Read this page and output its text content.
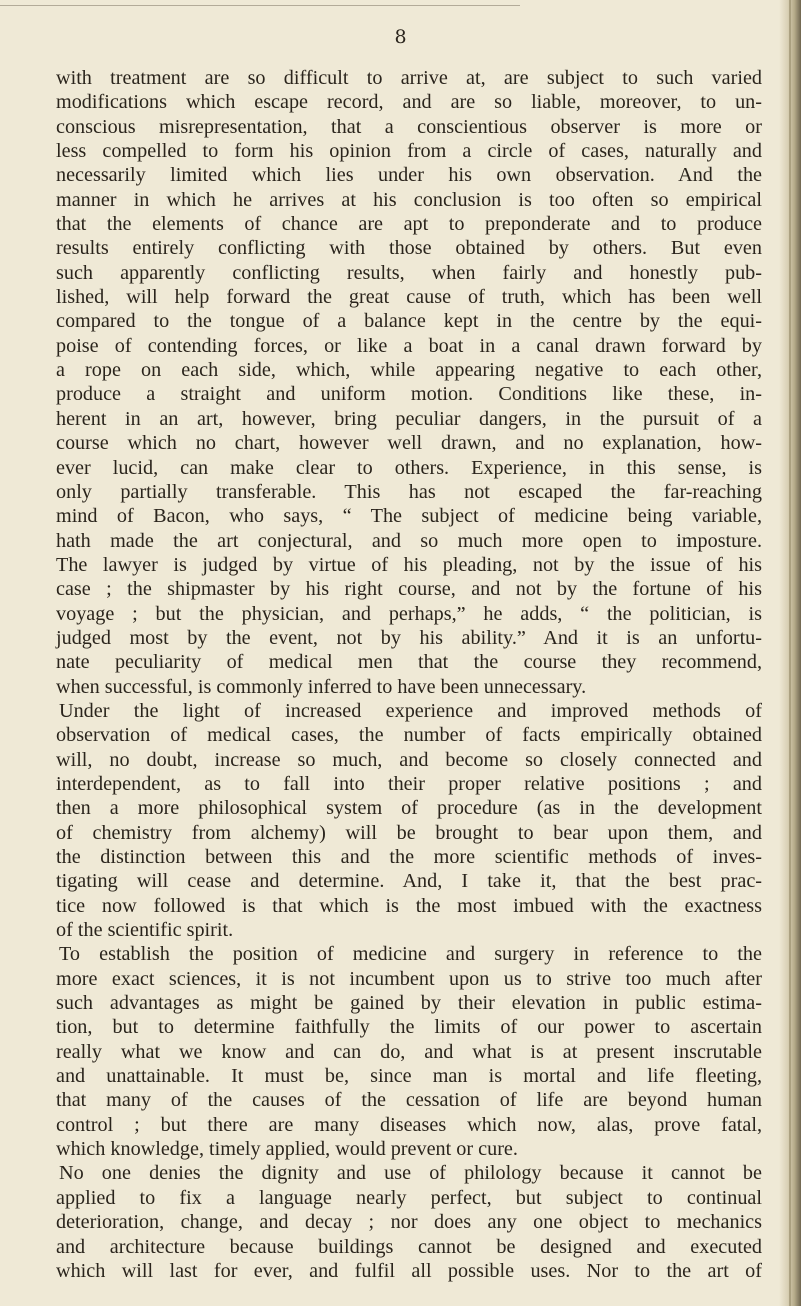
8
with treatment are so difficult to arrive at, are subject to such varied
modifications which escape record, and are so liable, moreover, to un-
conscious misrepresentation, that a conscientious observer is more or
less compelled to form his opinion from a circle of cases, naturally and
necessarily limited which lies under his own observation. And the
manner in which he arrives at his conclusion is too often so empirical
that the elements of chance are apt to preponderate and to produce
results entirely conflicting with those obtained by others. But even
such apparently conflicting results, when fairly and honestly pub-
lished, will help forward the great cause of truth, which has been well
compared to the tongue of a balance kept in the centre by the equi-
poise of contending forces, or like a boat in a canal drawn forward by
a rope on each side, which, while appearing negative to each other,
produce a straight and uniform motion. Conditions like these, in-
herent in an art, however, bring peculiar dangers, in the pursuit of a
course which no chart, however well drawn, and no explanation, how-
ever lucid, can make clear to others. Experience, in this sense, is
only partially transferable. This has not escaped the far-reaching
mind of Bacon, who says, “ The subject of medicine being variable,
hath made the art conjectural, and so much more open to imposture.
The lawyer is judged by virtue of his pleading, not by the issue of his
case ; the shipmaster by his right course, and not by the fortune of his
voyage ; but the physician, and perhaps,” he adds, “ the politician, is
judged most by the event, not by his ability.” And it is an unfortu-
nate peculiarity of medical men that the course they recommend,
when successful, is commonly inferred to have been unnecessary.
Under the light of increased experience and improved methods of
observation of medical cases, the number of facts empirically obtained
will, no doubt, increase so much, and become so closely connected and
interdependent, as to fall into their proper relative positions ; and
then a more philosophical system of procedure (as in the development
of chemistry from alchemy) will be brought to bear upon them, and
the distinction between this and the more scientific methods of inves-
tigating will cease and determine. And, I take it, that the best prac-
tice now followed is that which is the most imbued with the exactness
of the scientific spirit.
To establish the position of medicine and surgery in reference to the
more exact sciences, it is not incumbent upon us to strive too much after
such advantages as might be gained by their elevation in public estima-
tion, but to determine faithfully the limits of our power to ascertain
really what we know and can do, and what is at present inscrutable
and unattainable. It must be, since man is mortal and life fleeting,
that many of the causes of the cessation of life are beyond human
control ; but there are many diseases which now, alas, prove fatal,
which knowledge, timely applied, would prevent or cure.
No one denies the dignity and use of philology because it cannot be
applied to fix a language nearly perfect, but subject to continual
deterioration, change, and decay ; nor does any one object to mechanics
and architecture because buildings cannot be designed and executed
which will last for ever, and fulfil all possible uses. Nor to the art of
